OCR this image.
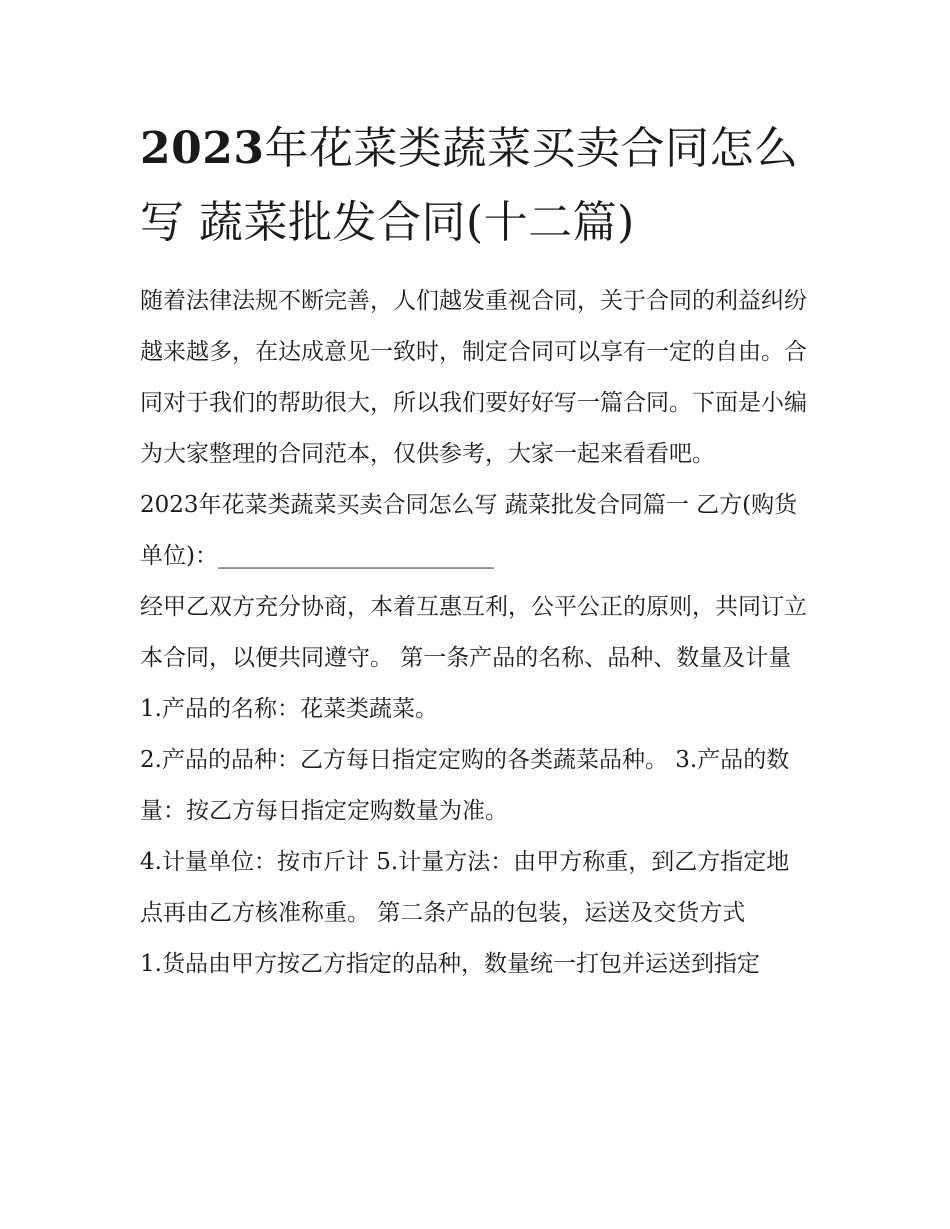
2023年花菜类蔬菜买卖合同怎么写 蔬菜批发合同(十二篇)

随着法律法规不断完善，人们越发重视合同，关于合同的利益纠纷越来越多，在达成意见一致时，制定合同可以享有一定的自由。合同对于我们的帮助很大，所以我们要好好写一篇合同。下面是小编为大家整理的合同范本，仅供参考，大家一起来看看吧。

2023年花菜类蔬菜买卖合同怎么写 蔬菜批发合同篇一 乙方(购货单位)：________________________

经甲乙双方充分协商，本着互惠互利，公平公正的原则，共同订立本合同，以便共同遵守。 第一条产品的名称、品种、数量及计量 1.产品的名称：花菜类蔬菜。

2.产品的品种：乙方每日指定定购的各类蔬菜品种。 3.产品的数量：按乙方每日指定定购数量为准。

4.计量单位：按市斤计 5.计量方法：由甲方称重，到乙方指定地点再由乙方核准称重。 第二条产品的包装，运送及交货方式

1.货品由甲方按乙方指定的品种，数量统一打包并运送到指定
